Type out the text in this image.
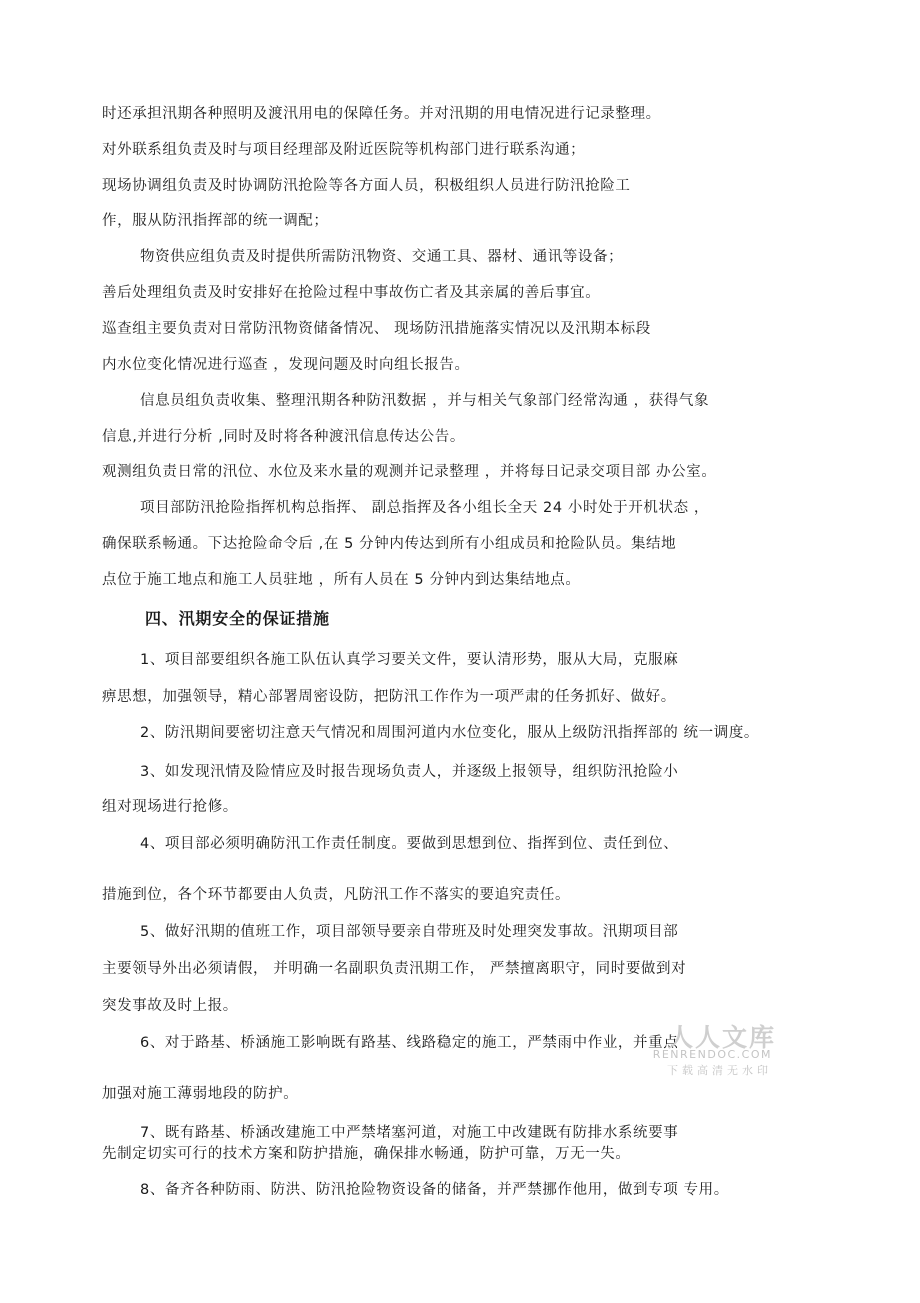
时还承担汛期各种照明及渡汛用电的保障任务。并对汛期的用电情况进行记录整理。

对外联系组负责及时与项目经理部及附近医院等机构部门进行联系沟通；

现场协调组负责及时协调防汛抢险等各方面人员，积极组织人员进行防汛抢险工

作，服从防汛指挥部的统一调配；

物资供应组负责及时提供所需防汛物资、交通工具、器材、通讯等设备；

善后处理组负责及时安排好在抢险过程中事故伤亡者及其亲属的善后事宜。

巡查组主要负责对日常防汛物资储备情况、 现场防汛措施落实情况以及汛期本标段

内水位变化情况进行巡查 ，发现问题及时向组长报告。

信息员组负责收集、整理汛期各种防汛数据 ，并与相关气象部门经常沟通 ，获得气象

信息,并进行分析 ,同时及时将各种渡汛信息传达公告。

观测组负责日常的汛位、水位及来水量的观测并记录整理 ，并将每日记录交项目部 办公室。

项目部防汛抢险指挥机构总指挥、 副总指挥及各小组长全天 24 小时处于开机状态 ，

确保联系畅通。下达抢险命令后 ,在 5 分钟内传达到所有小组成员和抢险队员。集结地

点位于施工地点和施工人员驻地 ，所有人员在 5 分钟内到达集结地点。

四、汛期安全的保证措施

1、项目部要组织各施工队伍认真学习要关文件，要认清形势，服从大局，克服麻

痹思想，加强领导，精心部署周密设防，把防汛工作作为一项严肃的任务抓好、做好。

2、防汛期间要密切注意天气情况和周围河道内水位变化，服从上级防汛指挥部的 统一调度。

3、如发现汛情及险情应及时报告现场负责人，并逐级上报领导，组织防汛抢险小

组对现场进行抢修。

4、项目部必须明确防汛工作责任制度。要做到思想到位、指挥到位、责任到位、

措施到位，各个环节都要由人负责，凡防汛工作不落实的要追究责任。

5、做好汛期的值班工作，项目部领导要亲自带班及时处理突发事故。汛期项目部

主要领导外出必须请假， 并明确一名副职负责汛期工作， 严禁擅离职守，同时要做到对

突发事故及时上报。

6、对于路基、桥涵施工影响既有路基、线路稳定的施工，严禁雨中作业，并重点

加强对施工薄弱地段的防护。

7、既有路基、桥涵改建施工中严禁堵塞河道，对施工中改建既有防排水系统要事

先制定切实可行的技术方案和防护措施，确保排水畅通，防护可靠，万无一失。

8、备齐各种防雨、防洪、防汛抢险物资设备的储备，并严禁挪作他用，做到专项 专用。

人人文库
RENRENDOC.COM
下载高清无水印
